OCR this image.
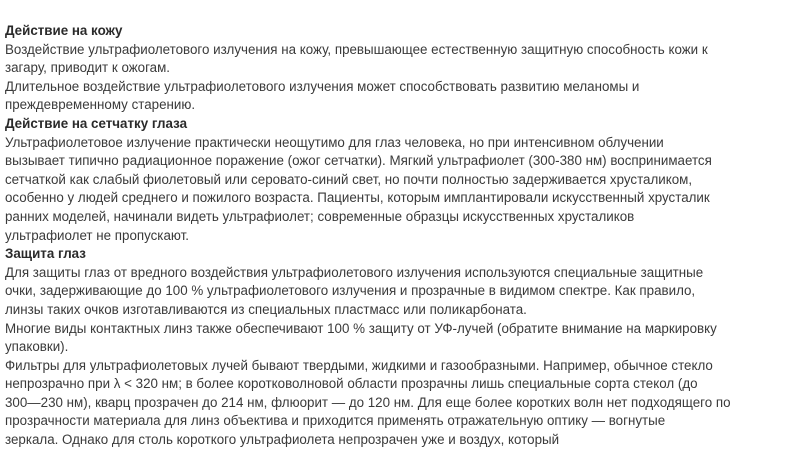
Действие на кожу
Воздействие ультрафиолетового излучения на кожу, превышающее естественную защитную способность кожи к
загару, приводит к ожогам.
Длительное воздействие ультрафиолетового излучения может способствовать развитию меланомы и
преждевременному старению.
Действие на сетчатку глаза
Ультрафиолетовое излучение практически неощутимо для глаз человека, но при интенсивном облучении
вызывает типично радиационное поражение (ожог сетчатки). Мягкий ультрафиолет (300-380 нм) воспринимается
сетчаткой как слабый фиолетовый или серовато-синий свет, но почти полностью задерживается хрусталиком,
особенно у людей среднего и пожилого возраста. Пациенты, которым имплантировали искусственный хрусталик
ранних моделей, начинали видеть ультрафиолет; современные образцы искусственных хрусталиков
ультрафиолет не пропускают.
Защита глаз
Для защиты глаз от вредного воздействия ультрафиолетового излучения используются специальные защитные
очки, задерживающие до 100 % ультрафиолетового излучения и прозрачные в видимом спектре. Как правило,
линзы таких очков изготавливаются из специальных пластмасс или поликарбоната.
Многие виды контактных линз также обеспечивают 100 % защиту от УФ-лучей (обратите внимание на маркировку
упаковки).
Фильтры для ультрафиолетовых лучей бывают твердыми, жидкими и газообразными. Например, обычное стекло
непрозрачно при λ < 320 нм; в более коротковолновой области прозрачны лишь специальные сорта стекол (до
300—230 нм), кварц прозрачен до 214 нм, флюорит — до 120 нм. Для еще более коротких волн нет подходящего по
прозрачности материала для линз объектива и приходится применять отражательную оптику — вогнутые
зеркала. Однако для столь короткого ультрафиолета непрозрачен уже и воздух, который
